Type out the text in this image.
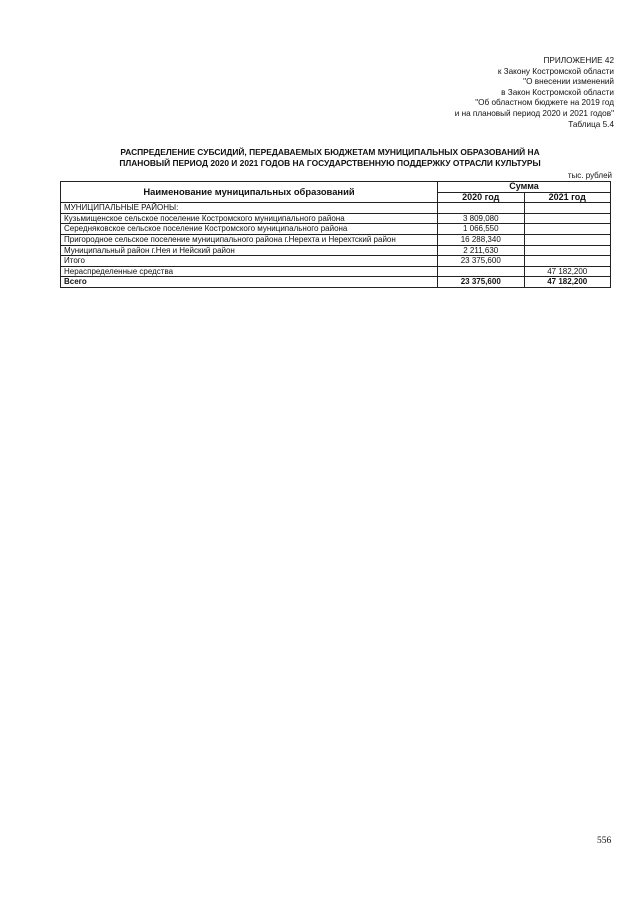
ПРИЛОЖЕНИЕ 42
к Закону Костромской области
"О внесении изменений
в Закон Костромской области
"Об областном бюджете на 2019 год
и на плановый период 2020 и 2021 годов"
Таблица 5.4
РАСПРЕДЕЛЕНИЕ СУБСИДИЙ, ПЕРЕДАВАЕМЫХ БЮДЖЕТАМ МУНИЦИПАЛЬНЫХ ОБРАЗОВАНИЙ НА
ПЛАНОВЫЙ ПЕРИОД 2020 И 2021 ГОДОВ НА ГОСУДАРСТВЕННУЮ ПОДДЕРЖКУ ОТРАСЛИ КУЛЬТУРЫ
тыс. рублей
Наименование муниципальных образований	Сумма	
	2020 год	2021 год
МУНИЦИПАЛЬНЫЕ РАЙОНЫ:		
Кузьмищенское сельское поселение Костромского муниципального района	3 809,080	
Середняковское сельское поселение Костромского муниципального района	1 066,550	
Пригородное сельское поселение муниципального района г.Нерехта и Нерехтский район	16 288,340	
Муниципальный район г.Нея и Нейский район	2 211,630	
Итого	23 375,600	
Нераспределенные средства		47 182,200
Всего	23 375,600	47 182,200
556
